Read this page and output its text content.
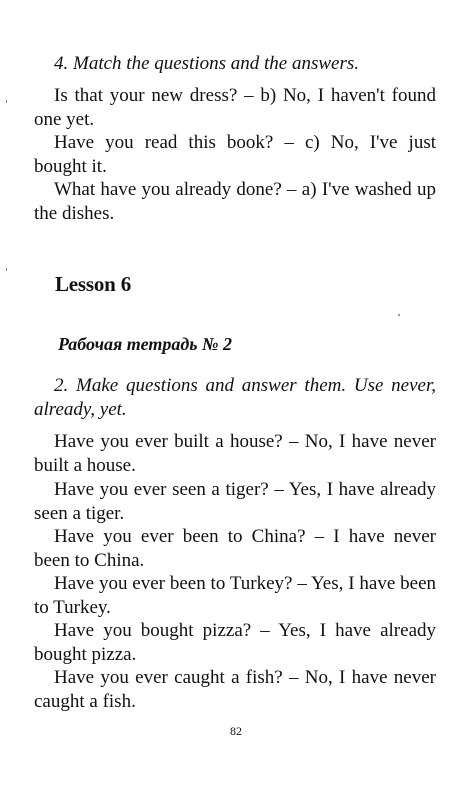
4. Match the questions and the answers.

Is that your new dress? – b) No, I haven't found one yet.

Have you read this book? – c) No, I've just bought it.

What have you already done? – a) I've washed up the dishes.

Lesson 6
Рабочая тетрадь № 2

2. Make questions and answer them. Use never, already, yet.

Have you ever built a house? – No, I have never built a house.

Have you ever seen a tiger? – Yes, I have already seen a tiger.

Have you ever been to China? – I have never been to China.

Have you ever been to Turkey? – Yes, I have been to Turkey.

Have you bought pizza? – Yes, I have already bought pizza.

Have you ever caught a fish? – No, I have never caught a fish.

82
